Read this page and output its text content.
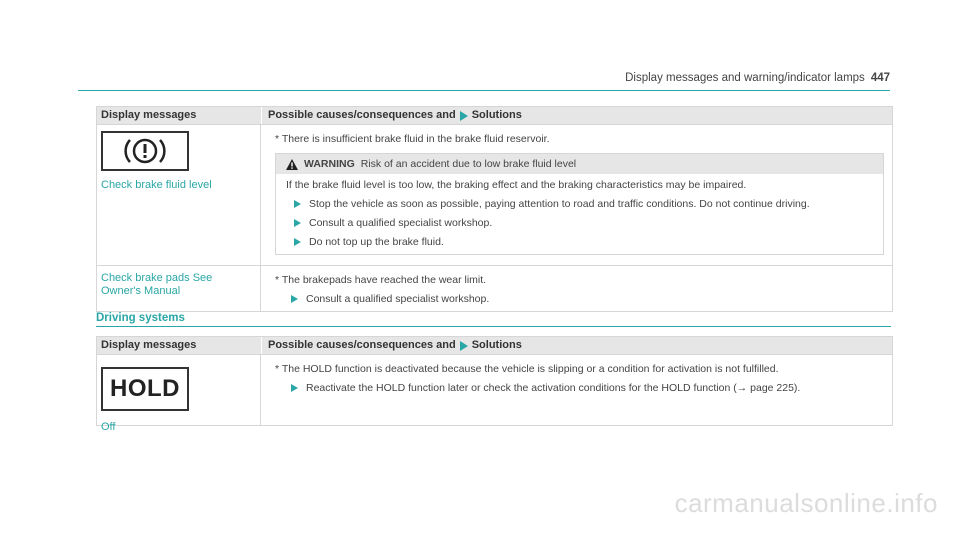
Display messages and warning/indicator lamps 447
Display messages	Possible causes/consequences and Solutions
Check brake fluid level
* There is insufficient brake fluid in the brake fluid reservoir.
WARNING Risk of an accident due to low brake fluid level
If the brake fluid level is too low, the braking effect and the braking characteristics may be impaired.
Stop the vehicle as soon as possible, paying attention to road and traffic conditions. Do not continue driving.
Consult a qualified specialist workshop.
Do not top up the brake fluid.
Check brake pads See
Owner's Manual
* The brakepads have reached the wear limit.
Consult a qualified specialist workshop.
Driving systems
Display messages	Possible causes/consequences and Solutions
HOLD
Off
* The HOLD function is deactivated because the vehicle is slipping or a condition for activation is not fulfilled.
Reactivate the HOLD function later or check the activation conditions for the HOLD function (→ page 225).
carmanualsonline.info
